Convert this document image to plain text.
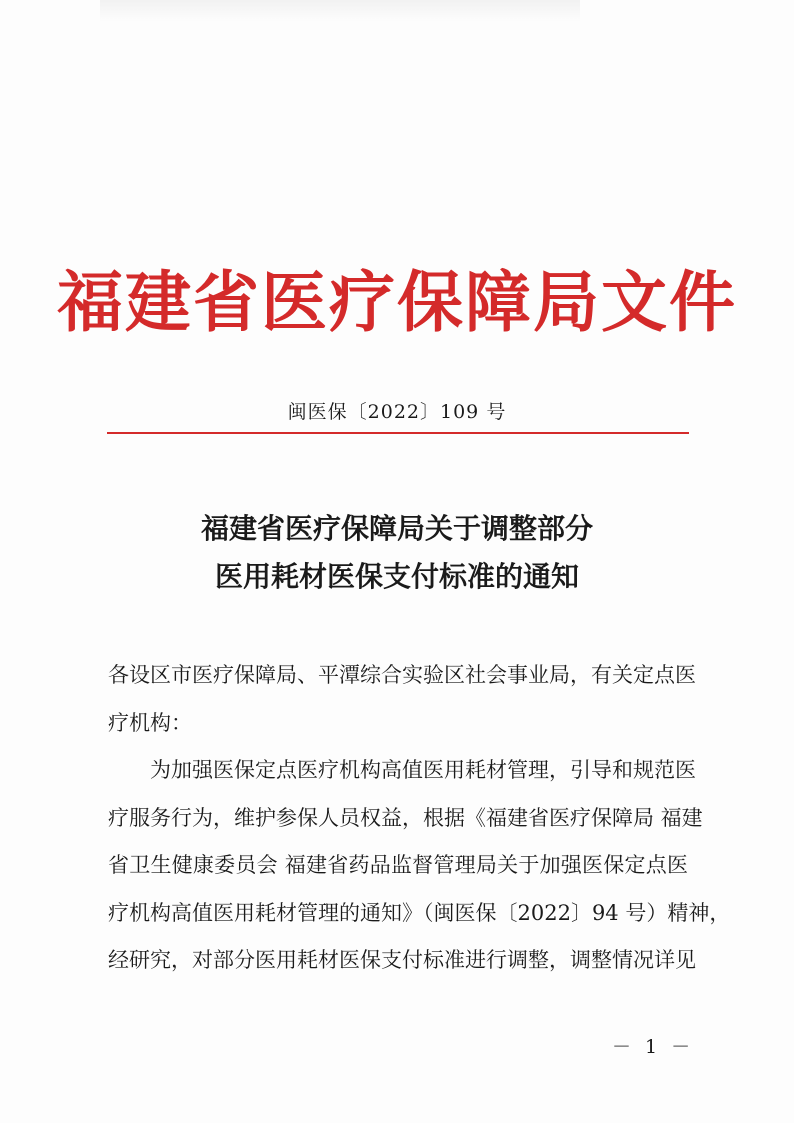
福建省医疗保障局文件
闽医保〔2022〕109 号
福建省医疗保障局关于调整部分
医用耗材医保支付标准的通知
各设区市医疗保障局、平潭综合实验区社会事业局，有关定点医
疗机构：
为加强医保定点医疗机构高值医用耗材管理，引导和规范医
疗服务行为，维护参保人员权益，根据《福建省医疗保障局 福建
省卫生健康委员会 福建省药品监督管理局关于加强医保定点医
疗机构高值医用耗材管理的通知》（闽医保〔2022〕94 号）精神，
经研究，对部分医用耗材医保支付标准进行调整，调整情况详见
－ 1 －
